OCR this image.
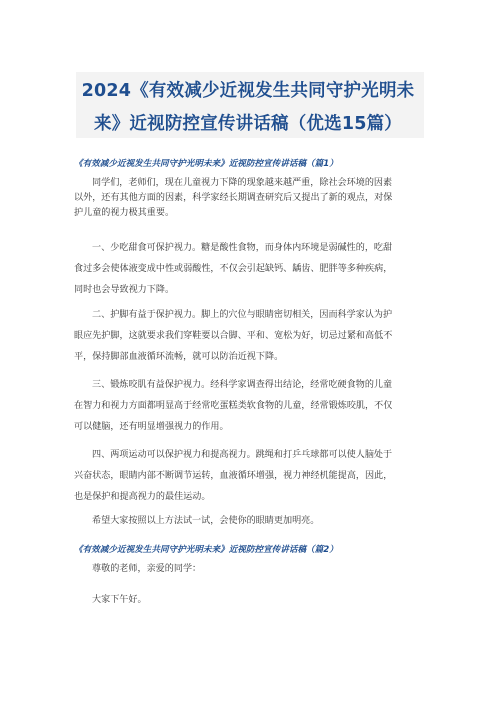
2024《有效减少近视发生共同守护光明未
来》近视防控宣传讲话稿（优选15篇）
《有效减少近视发生共同守护光明未来》近视防控宣传讲话稿（篇1）
同学们，老师们，现在儿童视力下降的现象越来越严重，除社会环境的因素
以外，还有其他方面的因素，科学家经长期调查研究后又提出了新的观点，对保
护儿童的视力极其重要。
一、少吃甜食可保护视力。糖是酸性食物，而身体内环境是弱碱性的，吃甜
食过多会使体液变成中性或弱酸性，不仅会引起缺钙、龋齿、肥胖等多种疾病，
同时也会导致视力下降。
二、护脚有益于保护视力。脚上的穴位与眼睛密切相关，因而科学家认为护
眼应先护脚，这就要求我们穿鞋要以合脚、平和、宽松为好，切忌过紧和高低不
平，保持脚部血液循环流畅，就可以防治近视下降。
三、锻炼咬肌有益保护视力。经科学家调查得出结论，经常吃硬食物的儿童
在智力和视力方面都明显高于经常吃蛋糕类软食物的儿童，经常锻炼咬肌，不仅
可以健脑，还有明显增强视力的作用。
四、两项运动可以保护视力和提高视力。跳绳和打乒乓球都可以使人脑处于
兴奋状态，眼睛内部不断调节运转，血液循环增强，视力神经机能提高，因此，
也是保护和提高视力的最佳运动。
希望大家按照以上方法试一试，会使你的眼睛更加明亮。
《有效减少近视发生共同守护光明未来》近视防控宣传讲话稿（篇2）
尊敬的老师，亲爱的同学：
大家下午好。
